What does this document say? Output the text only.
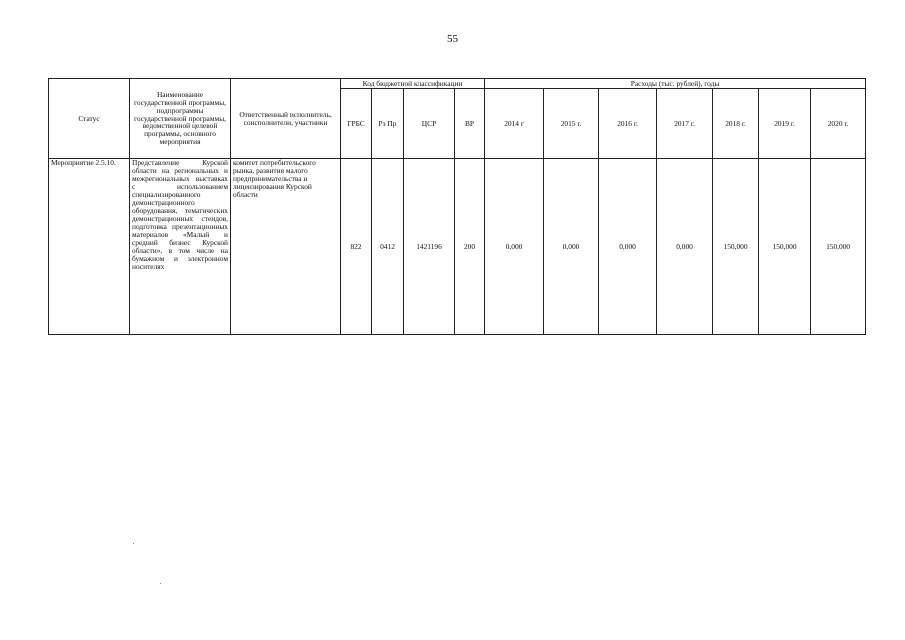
55
Статус	Наименование государственной программы, подпрограммы государственной программы, ведомственной целевой программы, основного мероприятия	Ответственный исполнитель, соисполнители, участники	Код бюджетной классификации				Расходы (тыс. рублей), годы						
			ГРБС	Рз Пр	ЦСР	ВР	2014 г	2015 г.	2016 г.	2017 г.	2018 г.	2019 г.	2020 г.
Мероприятие 2.5.10.	Представление Курской области на региональных и межрегиональных выставках с использованием специализированного демонстрационного оборудования, тематических демонстрационных стендов, подготовка презентационных материалов «Малый и средний бизнес Курской области», в том числе на бумажном и электронном носителях	комитет потребительского рынка, развития малого предпринимательства и лицензирования Курской области	822	0412	1421196	200	0,000	0,000	0,000	0,000	150,000	150,000	150,000
